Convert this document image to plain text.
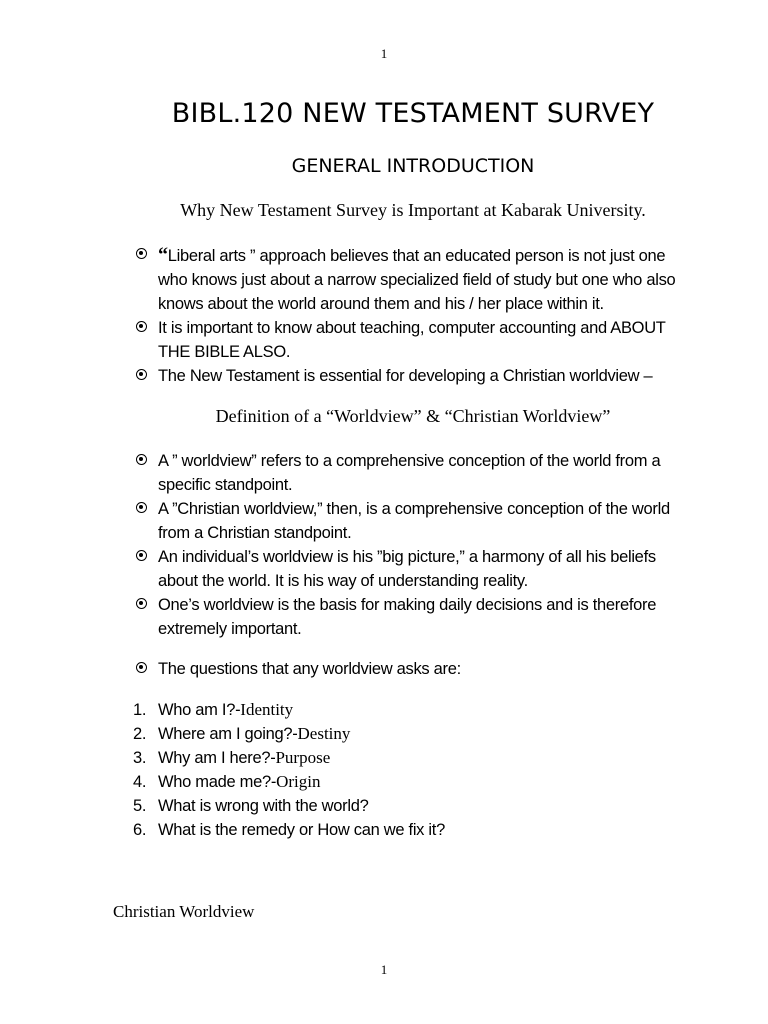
1
BIBL.120 NEW TESTAMENT SURVEY
GENERAL INTRODUCTION
Why New Testament Survey is Important at Kabarak University.
“Liberal arts ” approach believes that an educated person is not just one
who knows just about a narrow specialized field of study but one who also
knows about the world around them and his / her place within it.
It is important to know about teaching, computer accounting and ABOUT
THE BIBLE ALSO.
The New Testament is essential for developing a Christian worldview –
Definition of a “Worldview” & “Christian Worldview”
A ” worldview” refers to a comprehensive conception of the world from a
specific standpoint.
A ”Christian worldview,” then, is a comprehensive conception of the world
from a Christian standpoint.
An individual’s worldview is his ”big picture,” a harmony of all his beliefs
about the world. It is his way of understanding reality.
One’s worldview is the basis for making daily decisions and is therefore
extremely important.
The questions that any worldview asks are:
1. Who am I?-Identity
2. Where am I going?-Destiny
3. Why am I here?-Purpose
4. Who made me?-Origin
5. What is wrong with the world?
6. What is the remedy or How can we fix it?
Christian Worldview
1
